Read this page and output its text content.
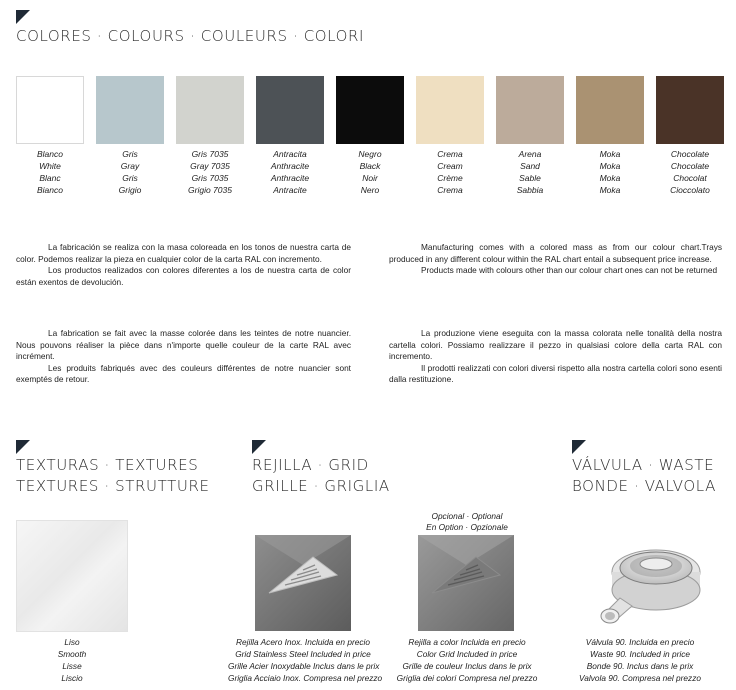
COLORES · COLOURS · COULEURS · COLORI
Blanco
White
Blanc
Bianco
Gris
Gray
Gris
Grigio
Gris 7035
Gray 7035
Gris 7035
Grigio 7035
Antracita
Anthracite
Anthracite
Antracite
Negro
Black
Noir
Nero
Crema
Cream
Crème
Crema
Arena
Sand
Sable
Sabbia
Moka
Moka
Moka
Moka
Chocolate
Chocolate
Chocolat
Cioccolato

La fabricación se realiza con la masa coloreada en los tonos de nuestra carta de color. Podemos realizar la pieza en cualquier color de la carta RAL con incremento.

Los productos realizados con colores diferentes a los de nuestra carta de color están exentos de devolución.

Manufacturing comes with a colored mass as from our colour chart.Trays produced in any different colour within the RAL chart entail a subsequent price increase.

Products made with colours other than our colour chart ones can not be returned

La fabrication se fait avec la masse colorée dans les teintes de notre nuancier. Nous pouvons réaliser la pièce dans n'importe quelle couleur de la carte RAL avec incrément.

Les produits fabriqués avec des couleurs différentes de notre nuancier sont exemptés de retour.

La produzione viene eseguita con la massa colorata nelle tonalità della nostra cartella colori. Possiamo realizzare il pezzo in qualsiasi colore della carta RAL con incremento.

Il prodotti realizzati con colori diversi rispetto alla nostra cartella colori sono esenti dalla restituzione.

TEXTURAS · TEXTURES
TEXTURES · STRUTTURE
Liso
Smooth
Lisse
Liscio
REJILLA · GRID
GRILLE · GRIGLIA
Opcional · Optional
En Option · Opzionale
Rejilla Acero Inox. Incluida en precio
Grid Stainless Steel Included in price
Grille Acier Inoxydable Inclus dans le prix
Griglia Acciaio Inox. Compresa nel prezzo
Rejilla a color Incluida en precio
Color Grid Included in price
Grille de couleur Inclus dans le prix
Griglia dei colori Compresa nel prezzo
VÁLVULA · WASTE
BONDE · VALVOLA
Válvula 90. Incluida en precio
Waste 90. Included in price
Bonde 90. Inclus dans le prix
Valvola 90. Compresa nel prezzo
